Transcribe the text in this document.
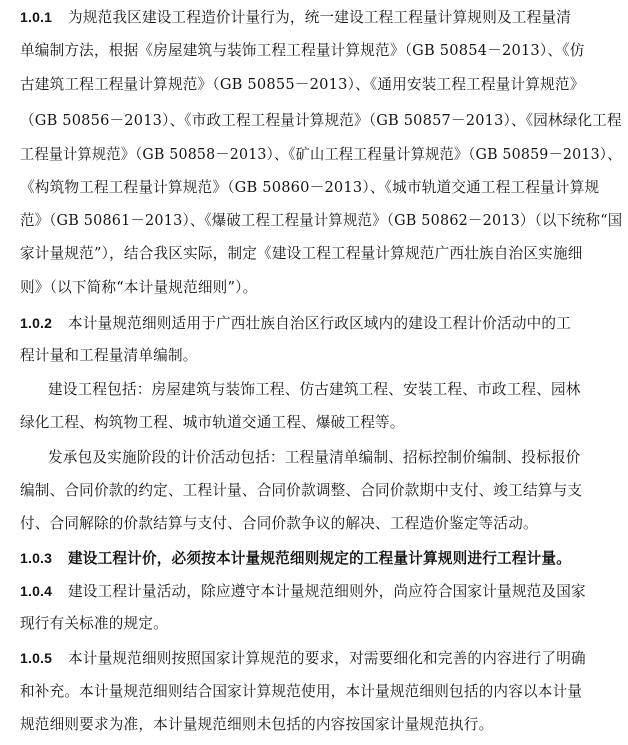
1.0.1 为规范我区建设工程造价计量行为，统一建设工程工程量计算规则及工程量清
单编制方法，根据《房屋建筑与装饰工程工程量计算规范》（GB 50854－2013）、《仿
古建筑工程工程量计算规范》（GB 50855－2013）、《通用安装工程工程量计算规范》
（GB 50856－2013）、《市政工程工程量计算规范》（GB 50857－2013）、《园林绿化工程
工程量计算规范》（GB 50858－2013）、《矿山工程工程量计算规范》（GB 50859－2013）、
《构筑物工程工程量计算规范》（GB 50860－2013）、《城市轨道交通工程工程量计算规
范》（GB 50861－2013）、《爆破工程工程量计算规范》（GB 50862－2013）（以下统称“国
家计量规范”），结合我区实际，制定《建设工程工程量计算规范广西壮族自治区实施细
则》（以下简称“本计量规范细则”）。
1.0.2 本计量规范细则适用于广西壮族自治区行政区域内的建设工程计价活动中的工
程计量和工程量清单编制。
建设工程包括：房屋建筑与装饰工程、仿古建筑工程、安装工程、市政工程、园林
绿化工程、构筑物工程、城市轨道交通工程、爆破工程等。
发承包及实施阶段的计价活动包括：工程量清单编制、招标控制价编制、投标报价
编制、合同价款的约定、工程计量、合同价款调整、合同价款期中支付、竣工结算与支
付、合同解除的价款结算与支付、合同价款争议的解决、工程造价鉴定等活动。
1.0.3 建设工程计价，必须按本计量规范细则规定的工程量计算规则进行工程计量。
1.0.4 建设工程计量活动，除应遵守本计量规范细则外，尚应符合国家计量规范及国家
现行有关标准的规定。
1.0.5 本计量规范细则按照国家计算规范的要求，对需要细化和完善的内容进行了明确
和补充。本计量规范细则结合国家计算规范使用，本计量规范细则包括的内容以本计量
规范细则要求为准，本计量规范细则未包括的内容按国家计量规范执行。
